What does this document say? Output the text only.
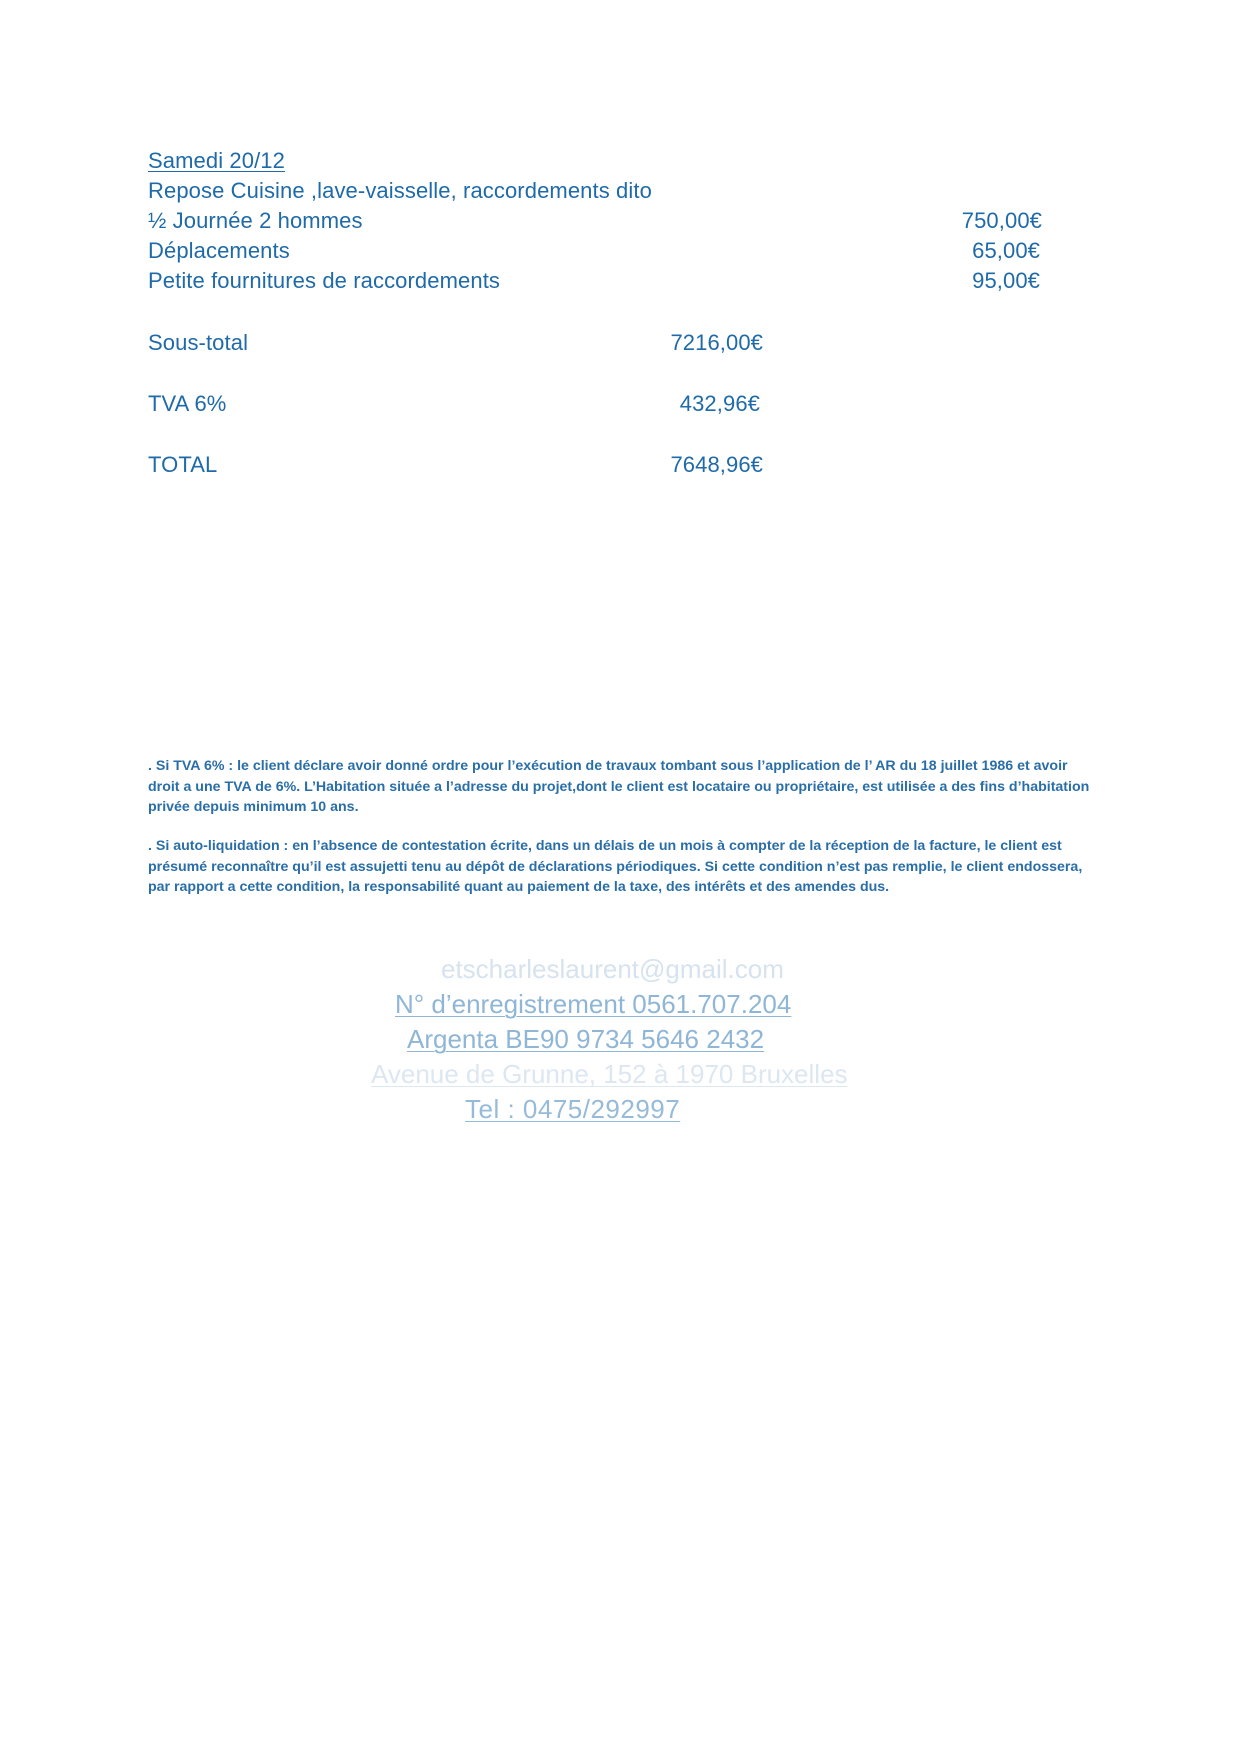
Samedi 20/12
Repose Cuisine ,lave-vaisselle, raccordements dito
½ Journée 2 hommes	750,00€
Déplacements	65,00€
Petite fournitures de raccordements	95,00€
Sous-total	7216,00€
TVA 6%	432,96€
TOTAL	7648,96€

. Si TVA 6% : le client déclare avoir donné ordre pour l’exécution de travaux tombant sous l’application de l’ AR du 18 juillet 1986 et avoir droit a une TVA de 6%. L’Habitation située a l’adresse du projet,dont le client est locataire ou propriétaire, est utilisée a des fins d’habitation privée depuis minimum 10 ans.

. Si auto-liquidation : en l’absence de contestation écrite, dans un délais de un mois à compter de la réception de la facture, le client est présumé reconnaître qu’il est assujetti tenu au dépôt de déclarations périodiques. Si cette condition n’est pas remplie, le client endossera, par rapport a cette condition, la responsabilité quant au paiement de la taxe, des intérêts et des amendes dus.

etscharleslaurent@gmail.com
N° d’enregistrement 0561.707.204
Argenta BE90 9734 5646 2432
Avenue de Grunne, 152 à 1970 Bruxelles
Tel : 0475/292997
